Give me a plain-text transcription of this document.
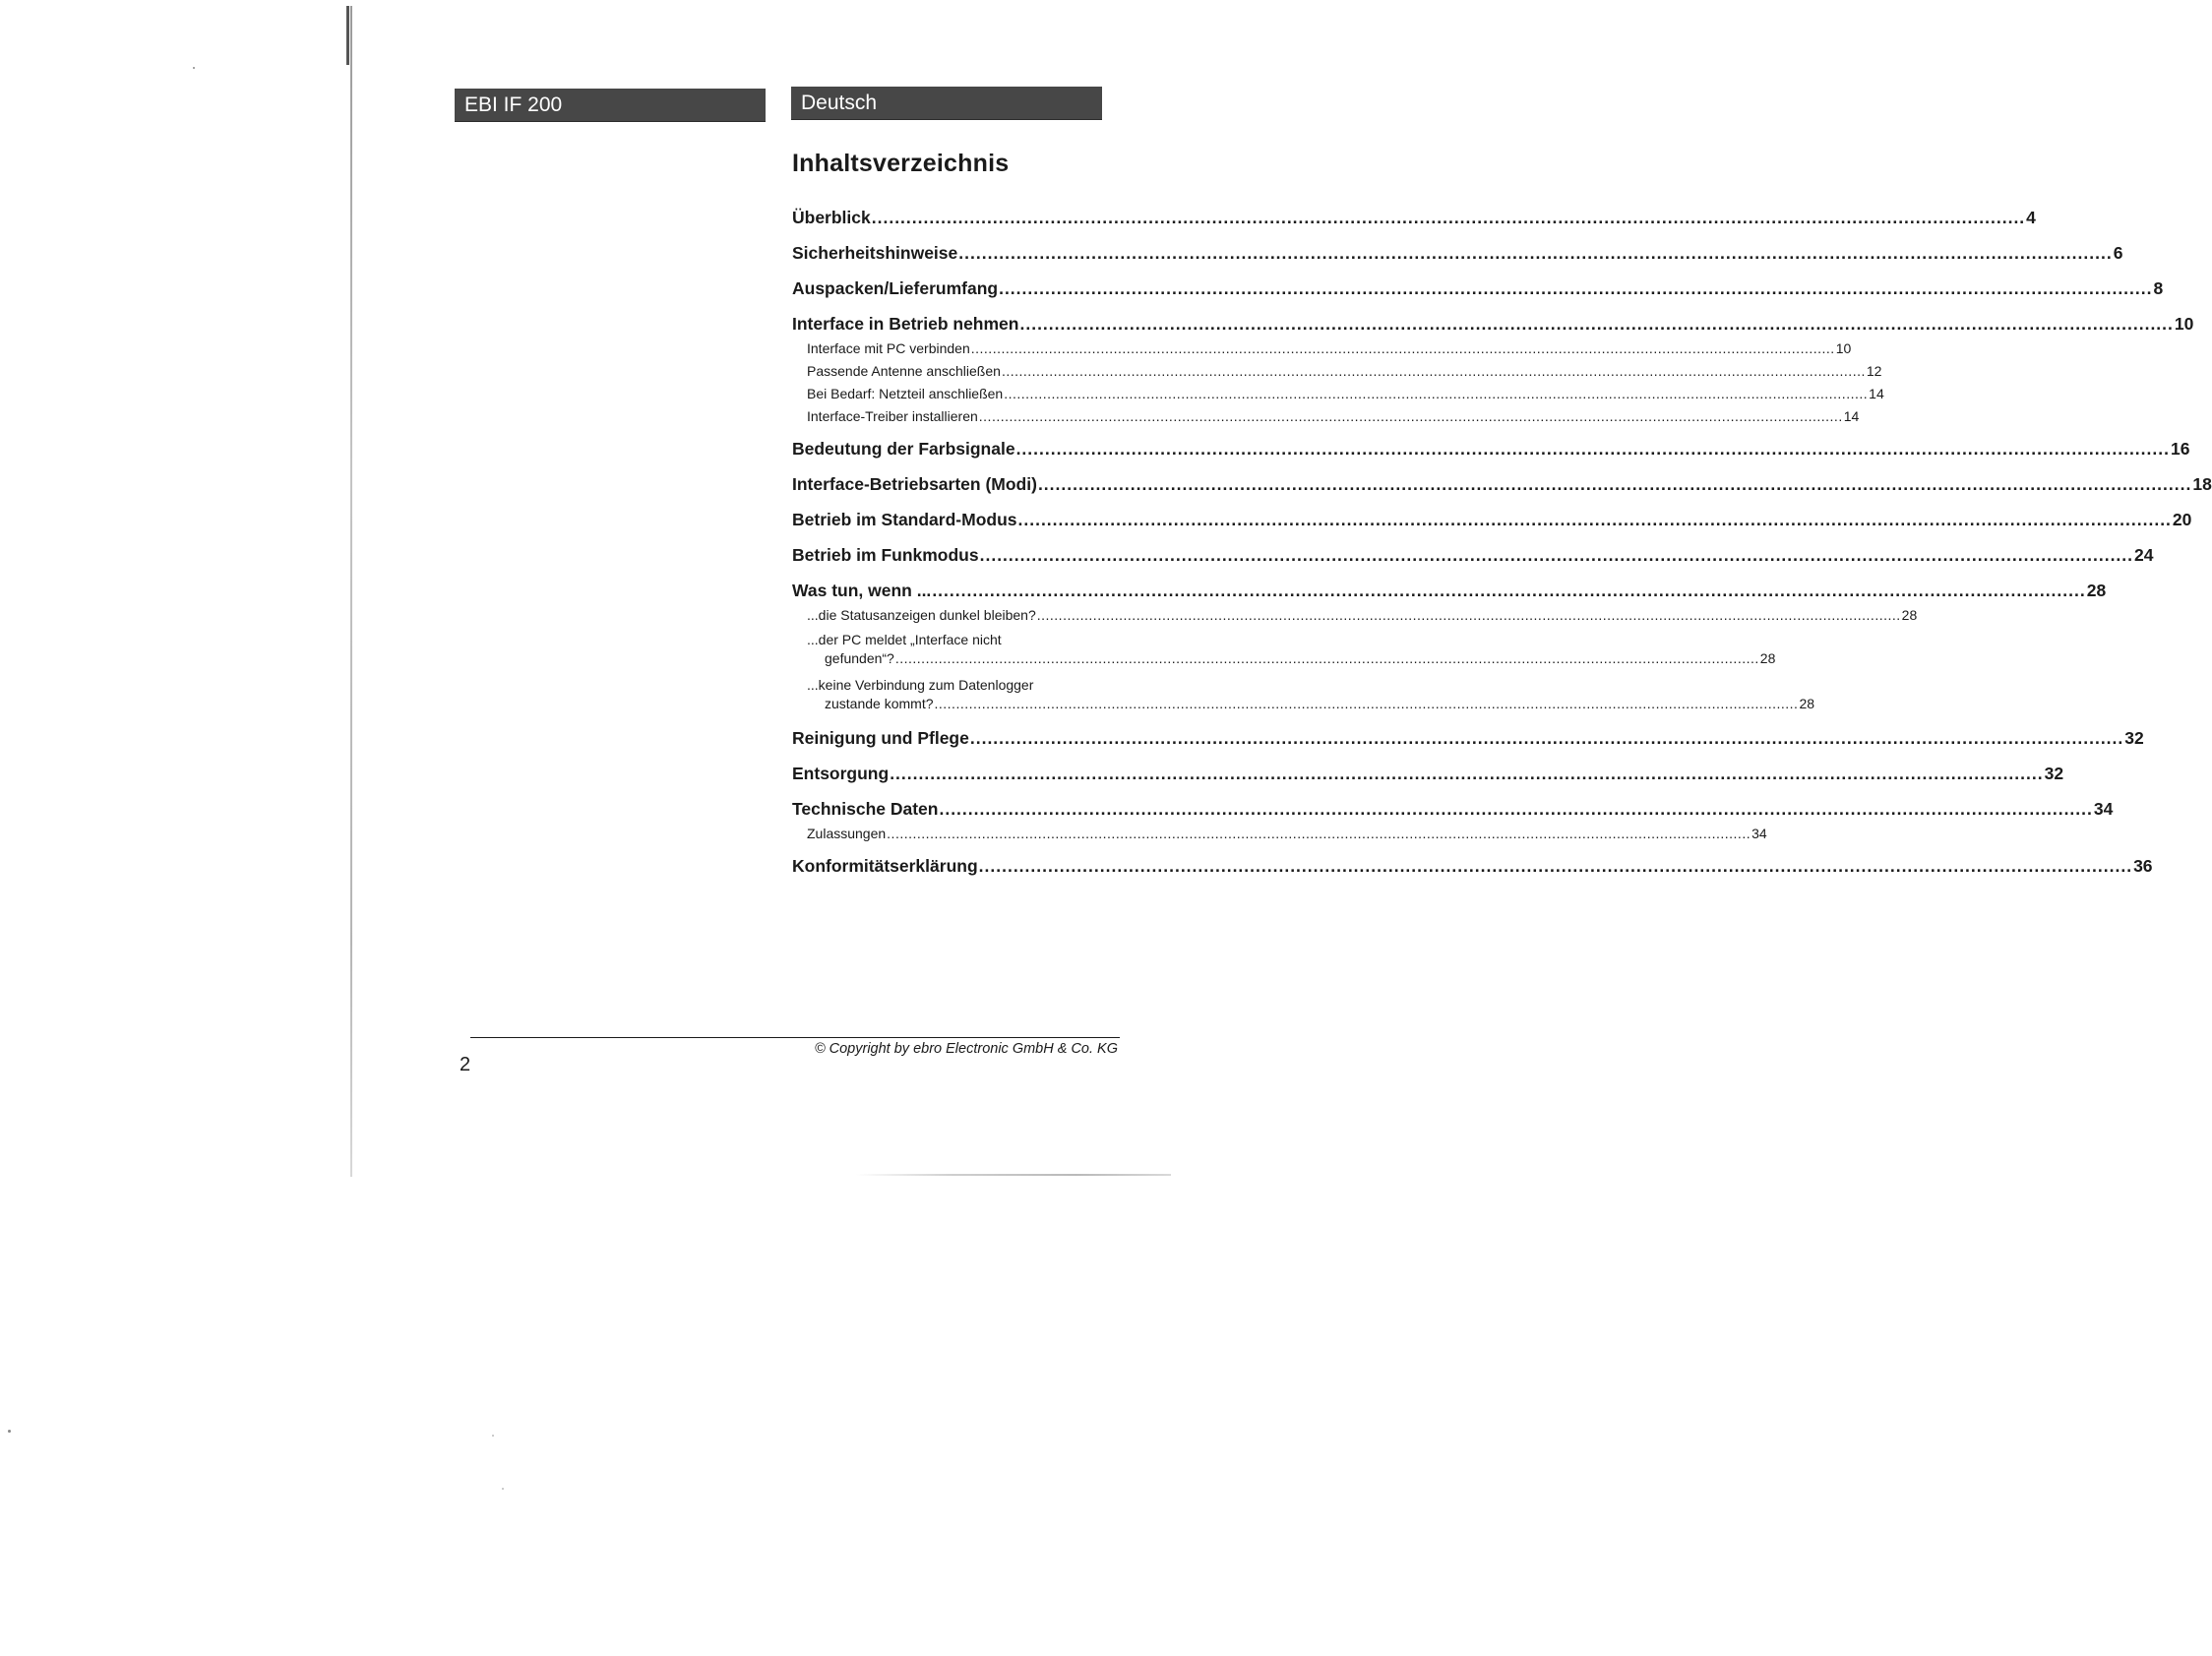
EBI IF 200	Deutsch
Inhaltsverzeichnis
Überblick ........................................................................................................................................................................................................ 4
Sicherheitshinweise ........................................................................................................................................................................................................ 6
Auspacken/Lieferumfang ........................................................................................................................................................................................................ 8
Interface in Betrieb nehmen ........................................................................................................................................................................................................ 10
Interface mit PC verbinden ........................................................................................................................................................................................................ 10
Passende Antenne anschließen ........................................................................................................................................................................................................ 12
Bei Bedarf: Netzteil anschließen ........................................................................................................................................................................................................ 14
Interface-Treiber installieren ........................................................................................................................................................................................................ 14
Bedeutung der Farbsignale ........................................................................................................................................................................................................ 16
Interface-Betriebsarten (Modi) ........................................................................................................................................................................................................ 18
Betrieb im Standard-Modus ........................................................................................................................................................................................................ 20
Betrieb im Funkmodus ........................................................................................................................................................................................................ 24
Was tun, wenn ... ........................................................................................................................................................................................................ 28
...die Statusanzeigen dunkel bleiben? ........................................................................................................................................................................................................ 28
...der PC meldet „Interface nicht
gefunden“? ........................................................................................................................................................................................................ 28
...keine Verbindung zum Datenlogger
zustande kommt? ........................................................................................................................................................................................................ 28
Reinigung und Pflege ........................................................................................................................................................................................................ 32
Entsorgung ........................................................................................................................................................................................................ 32
Technische Daten ........................................................................................................................................................................................................ 34
Zulassungen ........................................................................................................................................................................................................ 34
Konformitätserklärung ........................................................................................................................................................................................................ 36
2
© Copyright by ebro Electronic GmbH & Co. KG
